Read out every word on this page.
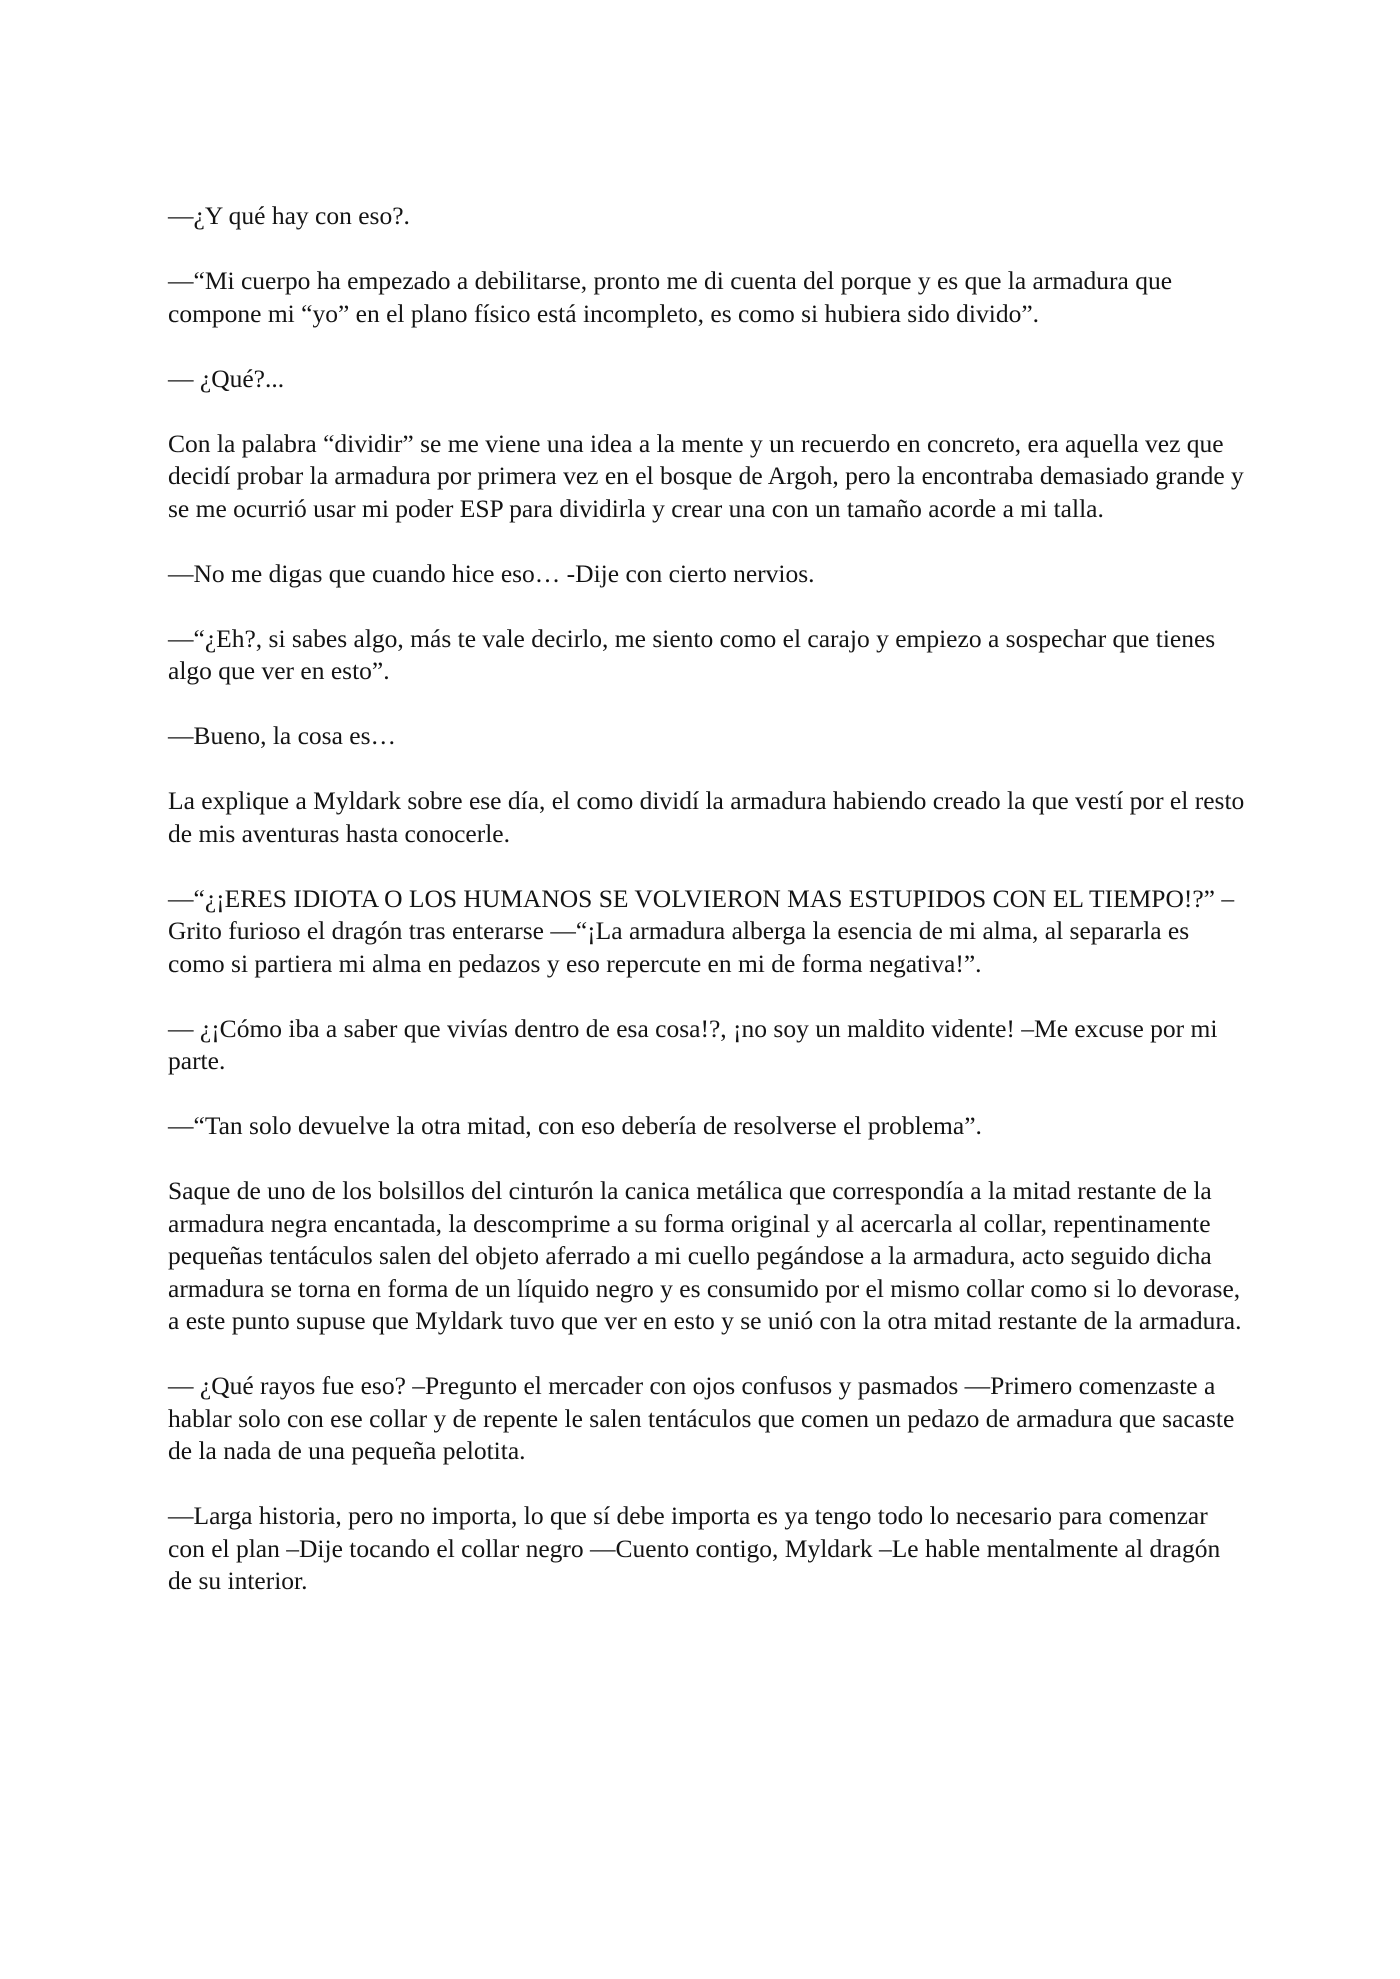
—¿Y qué hay con eso?.

—“Mi cuerpo ha empezado a debilitarse, pronto me di cuenta del porque y es que la armadura que compone mi “yo” en el plano físico está incompleto, es como si hubiera sido divido”.

— ¿Qué?...

Con la palabra “dividir” se me viene una idea a la mente y un recuerdo en concreto, era aquella vez que decidí probar la armadura por primera vez en el bosque de Argoh, pero la encontraba demasiado grande y se me ocurrió usar mi poder ESP para dividirla y crear una con un tamaño acorde a mi talla.

—No me digas que cuando hice eso… -Dije con cierto nervios.

—“¿Eh?, si sabes algo, más te vale decirlo, me siento como el carajo y empiezo a sospechar que tienes algo que ver en esto”.

—Bueno, la cosa es…

La explique a Myldark sobre ese día, el como dividí la armadura habiendo creado la que vestí por el resto de mis aventuras hasta conocerle.

—“¿¡ERES IDIOTA O LOS HUMANOS SE VOLVIERON MAS ESTUPIDOS CON EL TIEMPO!?” –Grito furioso el dragón tras enterarse —“¡La armadura alberga la esencia de mi alma, al separarla es como si partiera mi alma en pedazos y eso repercute en mi de forma negativa!”.

— ¿¡Cómo iba a saber que vivías dentro de esa cosa!?, ¡no soy un maldito vidente! –Me excuse por mi parte.

—“Tan solo devuelve la otra mitad, con eso debería de resolverse el problema”.

Saque de uno de los bolsillos del cinturón la canica metálica que correspondía a la mitad restante de la armadura negra encantada, la descomprime a su forma original y al acercarla al collar, repentinamente pequeñas tentáculos salen del objeto aferrado a mi cuello pegándose a la armadura, acto seguido dicha armadura se torna en forma de un líquido negro y es consumido por el mismo collar como si lo devorase, a este punto supuse que Myldark tuvo que ver en esto y se unió con la otra mitad restante de la armadura.

— ¿Qué rayos fue eso? –Pregunto el mercader con ojos confusos y pasmados —Primero comenzaste a hablar solo con ese collar y de repente le salen tentáculos que comen un pedazo de armadura que sacaste de la nada de una pequeña pelotita.

—Larga historia, pero no importa, lo que sí debe importa es ya tengo todo lo necesario para comenzar con el plan –Dije tocando el collar negro —Cuento contigo, Myldark –Le hable mentalmente al dragón de su interior.
